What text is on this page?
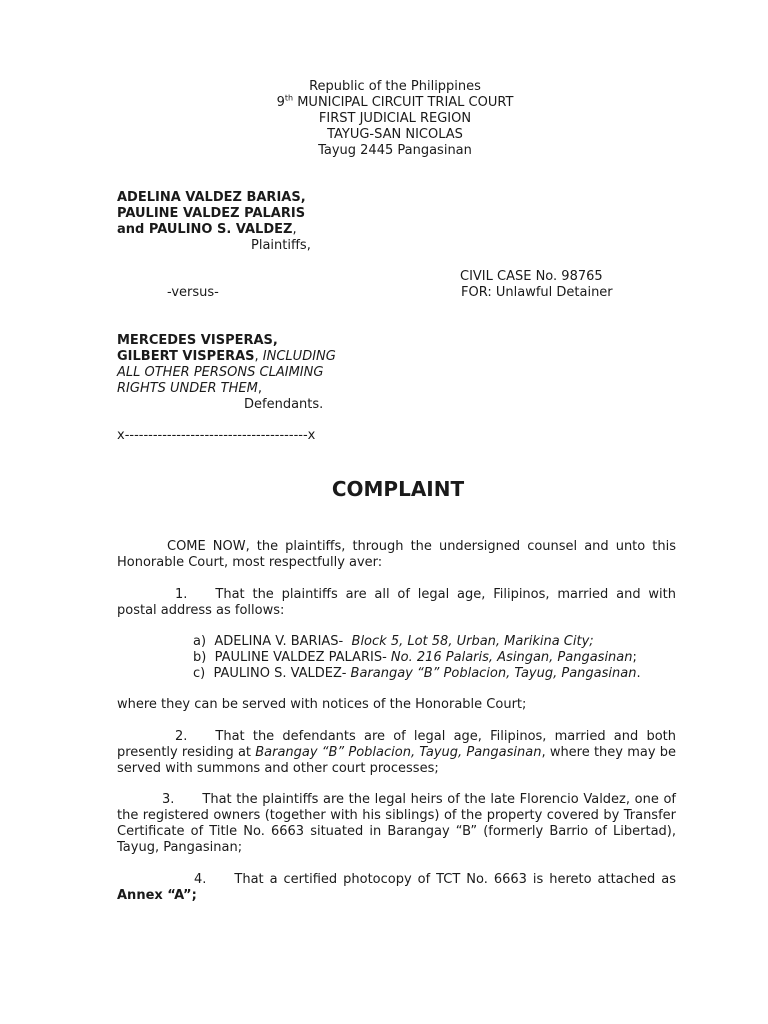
Republic of the Philippines
9th MUNICIPAL CIRCUIT TRIAL COURT
FIRST JUDICIAL REGION
TAYUG-SAN NICOLAS
Tayug 2445 Pangasinan
ADELINA VALDEZ BARIAS,
PAULINE VALDEZ PALARIS
and PAULINO S. VALDEZ,
Plaintiffs,
CIVIL CASE No. 98765
-versus-	FOR: Unlawful Detainer
MERCEDES VISPERAS,
GILBERT VISPERAS, INCLUDING
ALL OTHER PERSONS CLAIMING
RIGHTS UNDER THEM,
Defendants.
x---------------------------------------x
COMPLAINT
COME NOW, the plaintiffs, through the undersigned counsel and unto this Honorable Court, most respectfully aver:
1. That the plaintiffs are all of legal age, Filipinos, married and with postal address as follows:
a) ADELINA V. BARIAS- Block 5, Lot 58, Urban, Marikina City;
b) PAULINE VALDEZ PALARIS- No. 216 Palaris, Asingan, Pangasinan;
c) PAULINO S. VALDEZ- Barangay “B” Poblacion, Tayug, Pangasinan.
where they can be served with notices of the Honorable Court;
2. That the defendants are of legal age, Filipinos, married and both presently residing at Barangay “B” Poblacion, Tayug, Pangasinan, where they may be served with summons and other court processes;
3. That the plaintiffs are the legal heirs of the late Florencio Valdez, one of the registered owners (together with his siblings) of the property covered by Transfer Certificate of Title No. 6663 situated in Barangay “B” (formerly Barrio of Libertad), Tayug, Pangasinan;
4. That a certified photocopy of TCT No. 6663 is hereto attached as Annex “A”;
